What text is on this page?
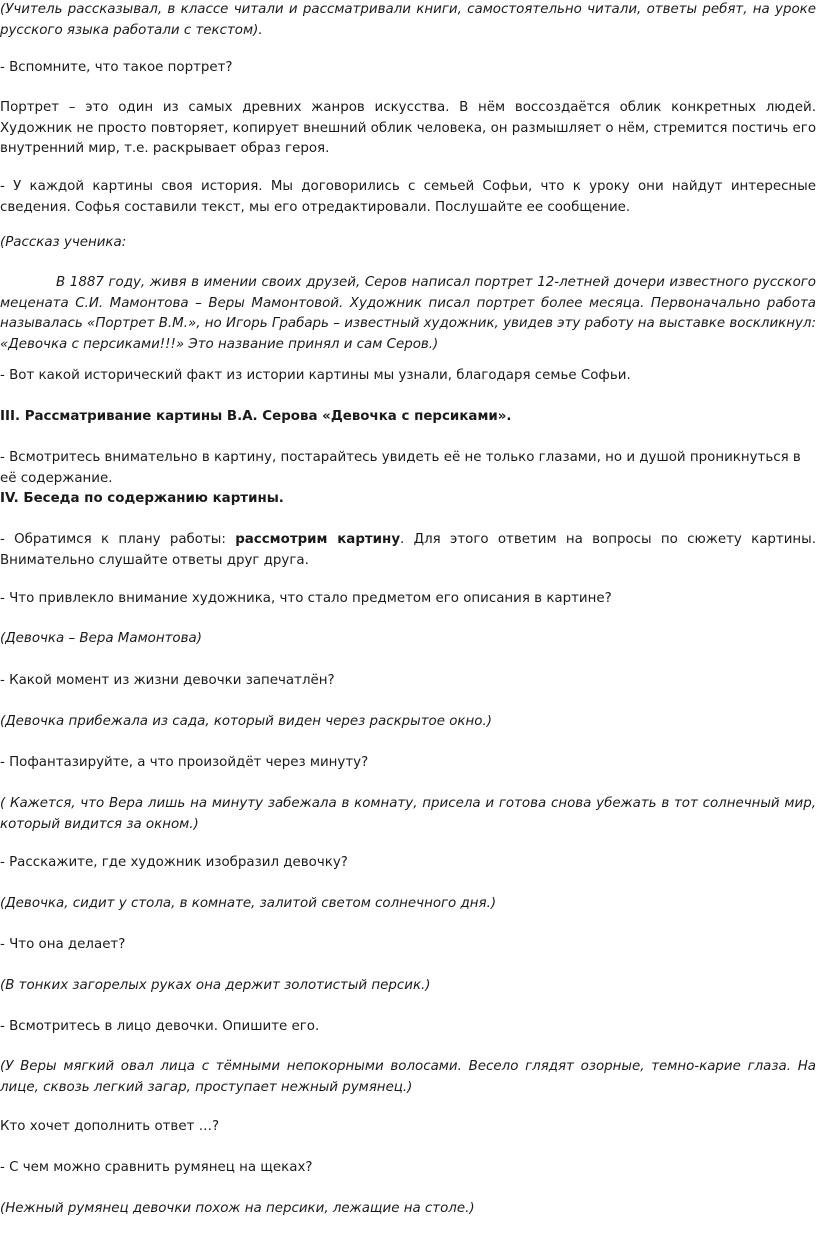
(Учитель рассказывал, в классе читали и рассматривали книги, самостоятельно читали, ответы ребят, на уроке русского языка работали с текстом).

- Вспомните, что такое портрет?

Портрет – это один из самых древних жанров искусства. В нём воссоздаётся облик конкретных людей. Художник не просто повторяет, копирует внешний облик человека, он размышляет о нём, стремится постичь его внутренний мир, т.е. раскрывает образ героя.

- У каждой картины своя история. Мы договорились с семьей Софьи, что к уроку они найдут интересные сведения. Софья составили текст, мы его отредактировали. Послушайте ее сообщение.

(Рассказ ученика:

В 1887 году, живя в имении своих друзей, Серов написал портрет 12-летней дочери известного русского мецената С.И. Мамонтова – Веры Мамонтовой. Художник писал портрет более месяца. Первоначально работа называлась «Портрет В.М.», но Игорь Грабарь – известный художник, увидев эту работу на выставке воскликнул: «Девочка с персиками!!!» Это название принял и сам Серов.)

- Вот какой исторический факт из истории картины мы узнали, благодаря семье Софьи.

III. Рассматривание картины В.А. Серова «Девочка с персиками».

- Всмотритесь внимательно в картину, постарайтесь увидеть её не только глазами, но и душой проникнуться в её содержание.

IV. Беседа по содержанию картины.

- Обратимся к плану работы: рассмотрим картину. Для этого ответим на вопросы по сюжету картины. Внимательно слушайте ответы друг друга.

- Что привлекло внимание художника, что стало предметом его описания в картине?

(Девочка – Вера Мамонтова)

- Какой момент из жизни девочки запечатлён?

(Девочка прибежала из сада, который виден через раскрытое окно.)

- Пофантазируйте, а что произойдёт через минуту?

( Кажется, что Вера лишь на минуту забежала в комнату, присела и готова снова убежать в тот солнечный мир, который видится за окном.)

- Расскажите, где художник изобразил девочку?

(Девочка, сидит у стола, в комнате, залитой светом солнечного дня.)

- Что она делает?

(В тонких загорелых руках она держит золотистый персик.)

- Всмотритесь в лицо девочки. Опишите его.

(У Веры мягкий овал лица с тёмными непокорными волосами. Весело глядят озорные, темно-карие глаза. На лице, сквозь легкий загар, проступает нежный румянец.)

Кто хочет дополнить ответ …?

- С чем можно сравнить румянец на щеках?

(Нежный румянец девочки похож на персики, лежащие на столе.)
